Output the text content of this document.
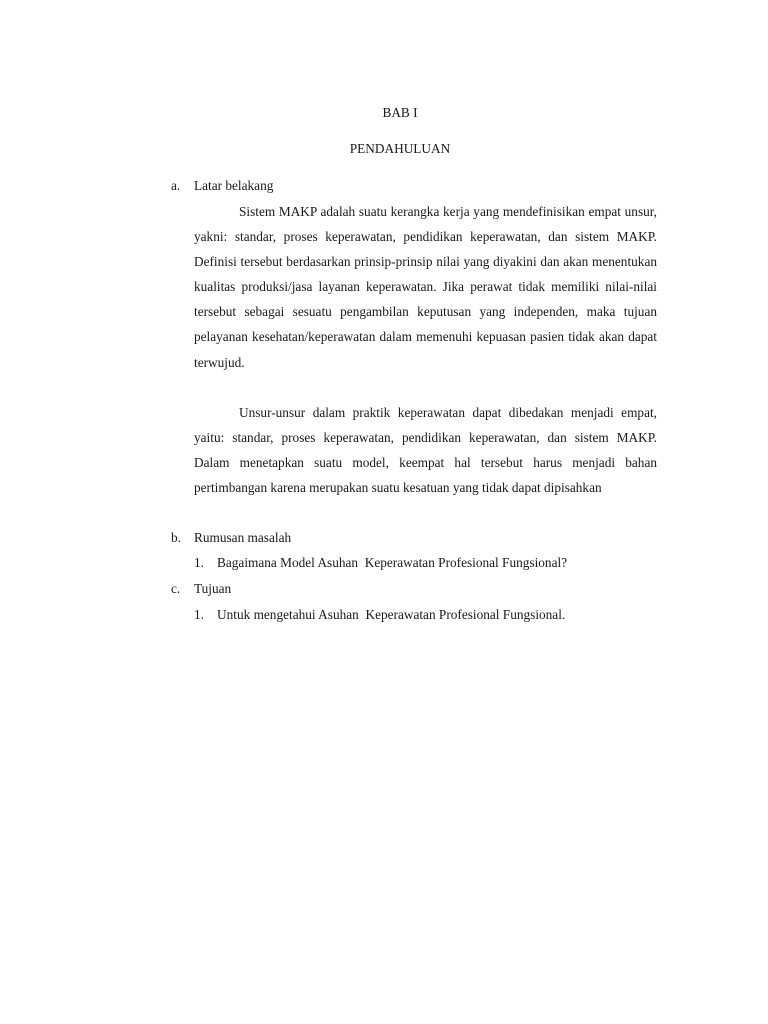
BAB I
PENDAHULUAN
a. Latar belakang

Sistem MAKP adalah suatu kerangka kerja yang mendefinisikan empat unsur, yakni: standar, proses keperawatan, pendidikan keperawatan, dan sistem MAKP. Definisi tersebut berdasarkan prinsip-prinsip nilai yang diyakini dan akan menentukan kualitas produksi/jasa layanan keperawatan. Jika perawat tidak memiliki nilai-nilai tersebut sebagai sesuatu pengambilan keputusan yang independen, maka tujuan pelayanan kesehatan/keperawatan dalam memenuhi kepuasan pasien tidak akan dapat terwujud.

Unsur-unsur dalam praktik keperawatan dapat dibedakan menjadi empat, yaitu: standar, proses keperawatan, pendidikan keperawatan, dan sistem MAKP. Dalam menetapkan suatu model, keempat hal tersebut harus menjadi bahan pertimbangan karena merupakan suatu kesatuan yang tidak dapat dipisahkan

b. Rumusan masalah
1. Bagaimana Model Asuhan  Keperawatan Profesional Fungsional?
c. Tujuan
1. Untuk mengetahui Asuhan  Keperawatan Profesional Fungsional.
